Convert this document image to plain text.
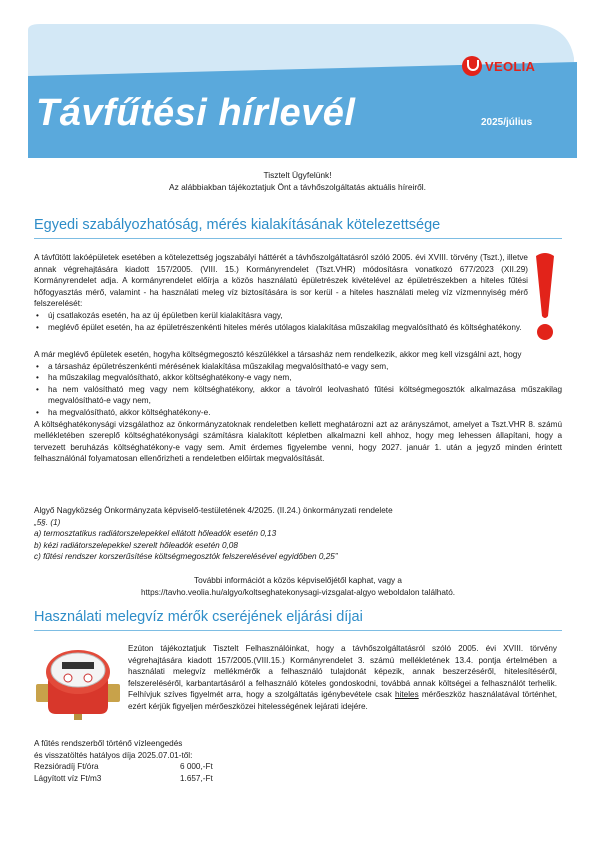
VEOLIA
Távfűtési hírlevél	2025/július
Tisztelt Ügyfelünk!
Az alábbiakban tájékoztatjuk Önt a távhőszolgáltatás aktuális híreiről.
Egyedi szabályozhatóság, mérés kialakításának kötelezettsége
A távfűtött lakóépületek esetében a kötelezettség jogszabályi háttérét a távhőszolgáltatásról szóló 2005. évi XVIII. törvény (Tszt.), illetve annak végrehajtására kiadott 157/2005. (VIII. 15.) Kormányrendelet (Tszt.VHR) módosításra vonatkozó 677/2023 (XII.29) Kormányrendelet adja. A kormányrendelet előírja a közös használatú épületrészek kivételével az épületrészekben a hiteles fűtési hőfogyasztás mérő, valamint - ha használati meleg víz biztosítására is sor kerül - a hiteles használati meleg víz vízmennyiség mérő felszerelését:
• új csatlakozás esetén, ha az új épületben kerül kialakításra vagy,
• meglévő épület esetén, ha az épületrészenkénti hiteles mérés utólagos kialakítása műszakilag megvalósítható és költséghatékony.
A már meglévő épületek esetén, hogyha költségmegosztó készülékkel a társasház nem rendelkezik, akkor meg kell vizsgálni azt, hogy
• a társasház épületrészenkénti mérésének kialakítása műszakilag megvalósítható-e vagy sem,
• ha műszakilag megvalósítható, akkor költséghatékony-e vagy nem,
• ha nem valósítható meg vagy nem költséghatékony, akkor a távolról leolvasható fűtési költségmegosztók alkalmazása műszakilag megvalósítható-e vagy nem,
• ha megvalósítható, akkor költséghatékony-e.
A költséghatékonysági vizsgálathoz az önkormányzatoknak rendeletben kellett meghatározni azt az arányszámot, amelyet a Tszt.VHR 8. számú mellékletében szereplő költséghatékonysági számításra kialakított képletben alkalmazni kell ahhoz, hogy meg lehessen állapítani, hogy a tervezett beruházás költséghatékony-e vagy sem. Amit érdemes figyelembe venni, hogy 2027. január 1. után a jegyző minden érintett felhasználónál folyamatosan ellenőrizheti a rendeletben előírtak megvalósítását.
Algyő Nagyközség Önkormányzata képviselő-testületének 4/2025. (II.24.) önkormányzati rendelete
„5§. (1)
a) termosztatikus radiátorszelepekkel ellátott hőleadók esetén 0,13
b) kézi radiátorszelepekkel szerelt hőleadók esetén 0,08
c) fűtési rendszer korszerűsítése költségmegosztók felszerelésével egyidőben 0,25”
További információt a közös képviselőjétől kaphat, vagy a
https://tavho.veolia.hu/algyo/koltseghatekonysagi-vizsgalat-algyo weboldalon található.
Használati melegvíz mérők cseréjének eljárási díjai
Ezúton tájékoztatjuk Tisztelt Felhasználóinkat, hogy a távhőszolgáltatásról szóló 2005. évi XVIII. törvény végrehajtására kiadott 157/2005.(VIII.15.) Kormányrendelet 3. számú mellékletének 13.4. pontja értelmében a használati melegvíz mellékmérők a felhasználó tulajdonát képezik, annak beszerzéséről, hitelesítéséről, felszereléséről, karbantartásáról a felhasználó köteles gondoskodni, továbbá annak költségei a felhasználót terhelik. Felhívjuk szíves figyelmét arra, hogy a szolgáltatás igénybevétele csak hiteles mérőeszköz használatával történhet, ezért kérjük figyeljen mérőeszközei hitelességének lejárati idejére.
A fűtés rendszerből történő vízleengedés
és visszatöltés hatályos díja 2025.07.01-től:
Rezsióradíj Ft/óra	6 000,-Ft
Lágyított víz Ft/m3	1.657,-Ft
